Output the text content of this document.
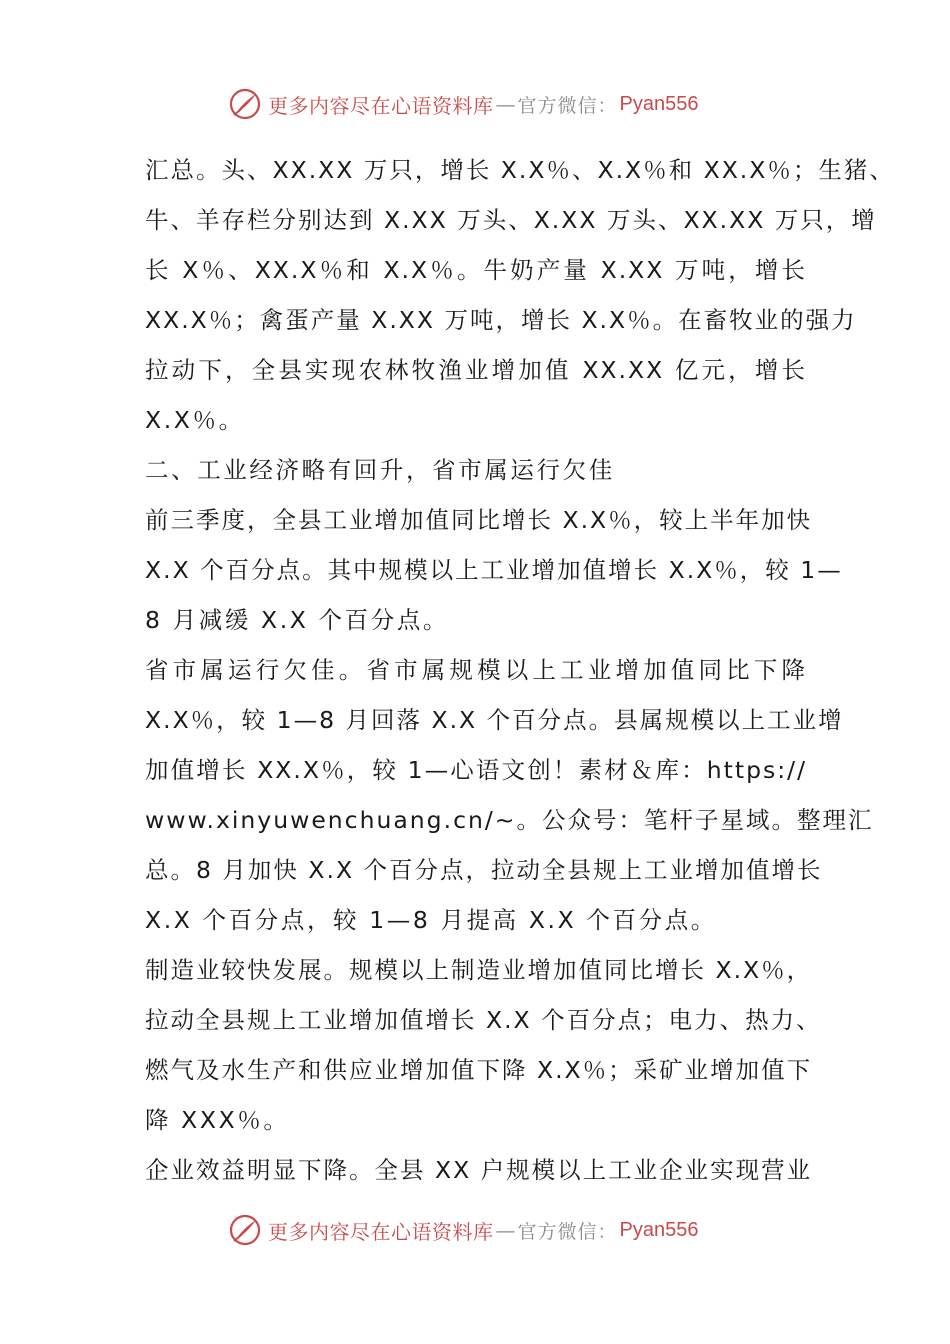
更多内容尽在心语资料库 — 官方微信： Pyan556
汇总。头、XX.XX 万只，增长 X.X％、X.X％和 XX.X％；生猪、
牛、羊存栏分别达到 X.XX 万头、X.XX 万头、XX.XX 万只，增
长 X％、XX.X％和 X.X％。牛奶产量 X.XX 万吨，增长
XX.X％；禽蛋产量 X.XX 万吨，增长 X.X％。在畜牧业的强力
拉动下，全县实现农林牧渔业增加值 XX.XX 亿元，增长
X.X％。
二、工业经济略有回升，省市属运行欠佳
前三季度，全县工业增加值同比增长 X.X％，较上半年加快
X.X 个百分点。其中规模以上工业增加值增长 X.X％，较 1—
8 月减缓 X.X 个百分点。
省市属运行欠佳。省市属规模以上工业增加值同比下降
X.X％，较 1—8 月回落 X.X 个百分点。县属规模以上工业增
加值增长 XX.X％，较 1—心语文创！素材＆库：https://
www.xinyuwenchuang.cn/~。公众号：笔杆子星域。整理汇
总。8 月加快 X.X 个百分点，拉动全县规上工业增加值增长
X.X 个百分点，较 1—8 月提高 X.X 个百分点。
制造业较快发展。规模以上制造业增加值同比增长 X.X％，
拉动全县规上工业增加值增长 X.X 个百分点；电力、热力、
燃气及水生产和供应业增加值下降 X.X％；采矿业增加值下
降 XXX％。
企业效益明显下降。全县 XX 户规模以上工业企业实现营业
更多内容尽在心语资料库 — 官方微信： Pyan556
